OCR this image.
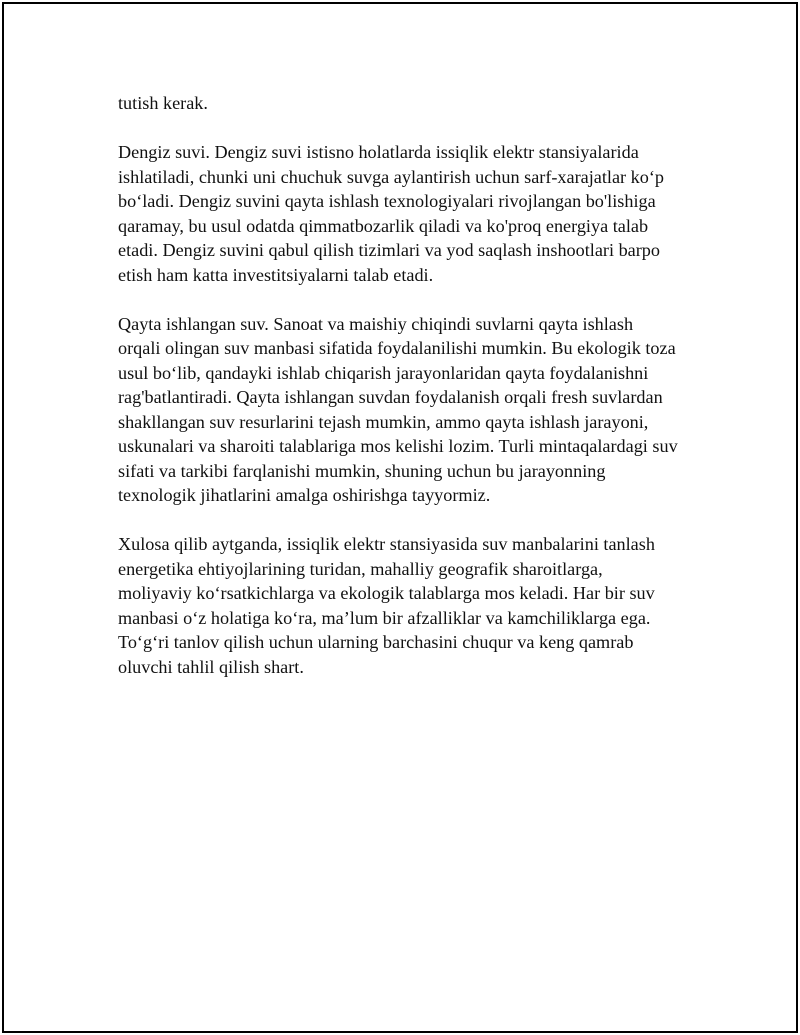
tutish kerak.
Dengiz suvi. Dengiz suvi istisno holatlarda issiqlik elektr stansiyalarida
ishlatiladi, chunki uni chuchuk suvga aylantirish uchun sarf-xarajatlar ko‘p
bo‘ladi. Dengiz suvini qayta ishlash texnologiyalari rivojlangan bo'lishiga
qaramay, bu usul odatda qimmatbozarlik qiladi va ko'proq energiya talab
etadi. Dengiz suvini qabul qilish tizimlari va yod saqlash inshootlari barpo
etish ham katta investitsiyalarni talab etadi.
Qayta ishlangan suv. Sanoat va maishiy chiqindi suvlarni qayta ishlash
orqali olingan suv manbasi sifatida foydalanilishi mumkin. Bu ekologik toza
usul bo‘lib, qandayki ishlab chiqarish jarayonlaridan qayta foydalanishni
rag'batlantiradi. Qayta ishlangan suvdan foydalanish orqali fresh suvlardan
shakllangan suv resurlarini tejash mumkin, ammo qayta ishlash jarayoni,
uskunalari va sharoiti talablariga mos kelishi lozim. Turli mintaqalardagi suv
sifati va tarkibi farqlanishi mumkin, shuning uchun bu jarayonning
texnologik jihatlarini amalga oshirishga tayyormiz.
Xulosa qilib aytganda, issiqlik elektr stansiyasida suv manbalarini tanlash
energetika ehtiyojlarining turidan, mahalliy geografik sharoitlarga,
moliyaviy ko‘rsatkichlarga va ekologik talablarga mos keladi. Har bir suv
manbasi o‘z holatiga ko‘ra, ma’lum bir afzalliklar va kamchiliklarga ega.
To‘g‘ri tanlov qilish uchun ularning barchasini chuqur va keng qamrab
oluvchi tahlil qilish shart.
